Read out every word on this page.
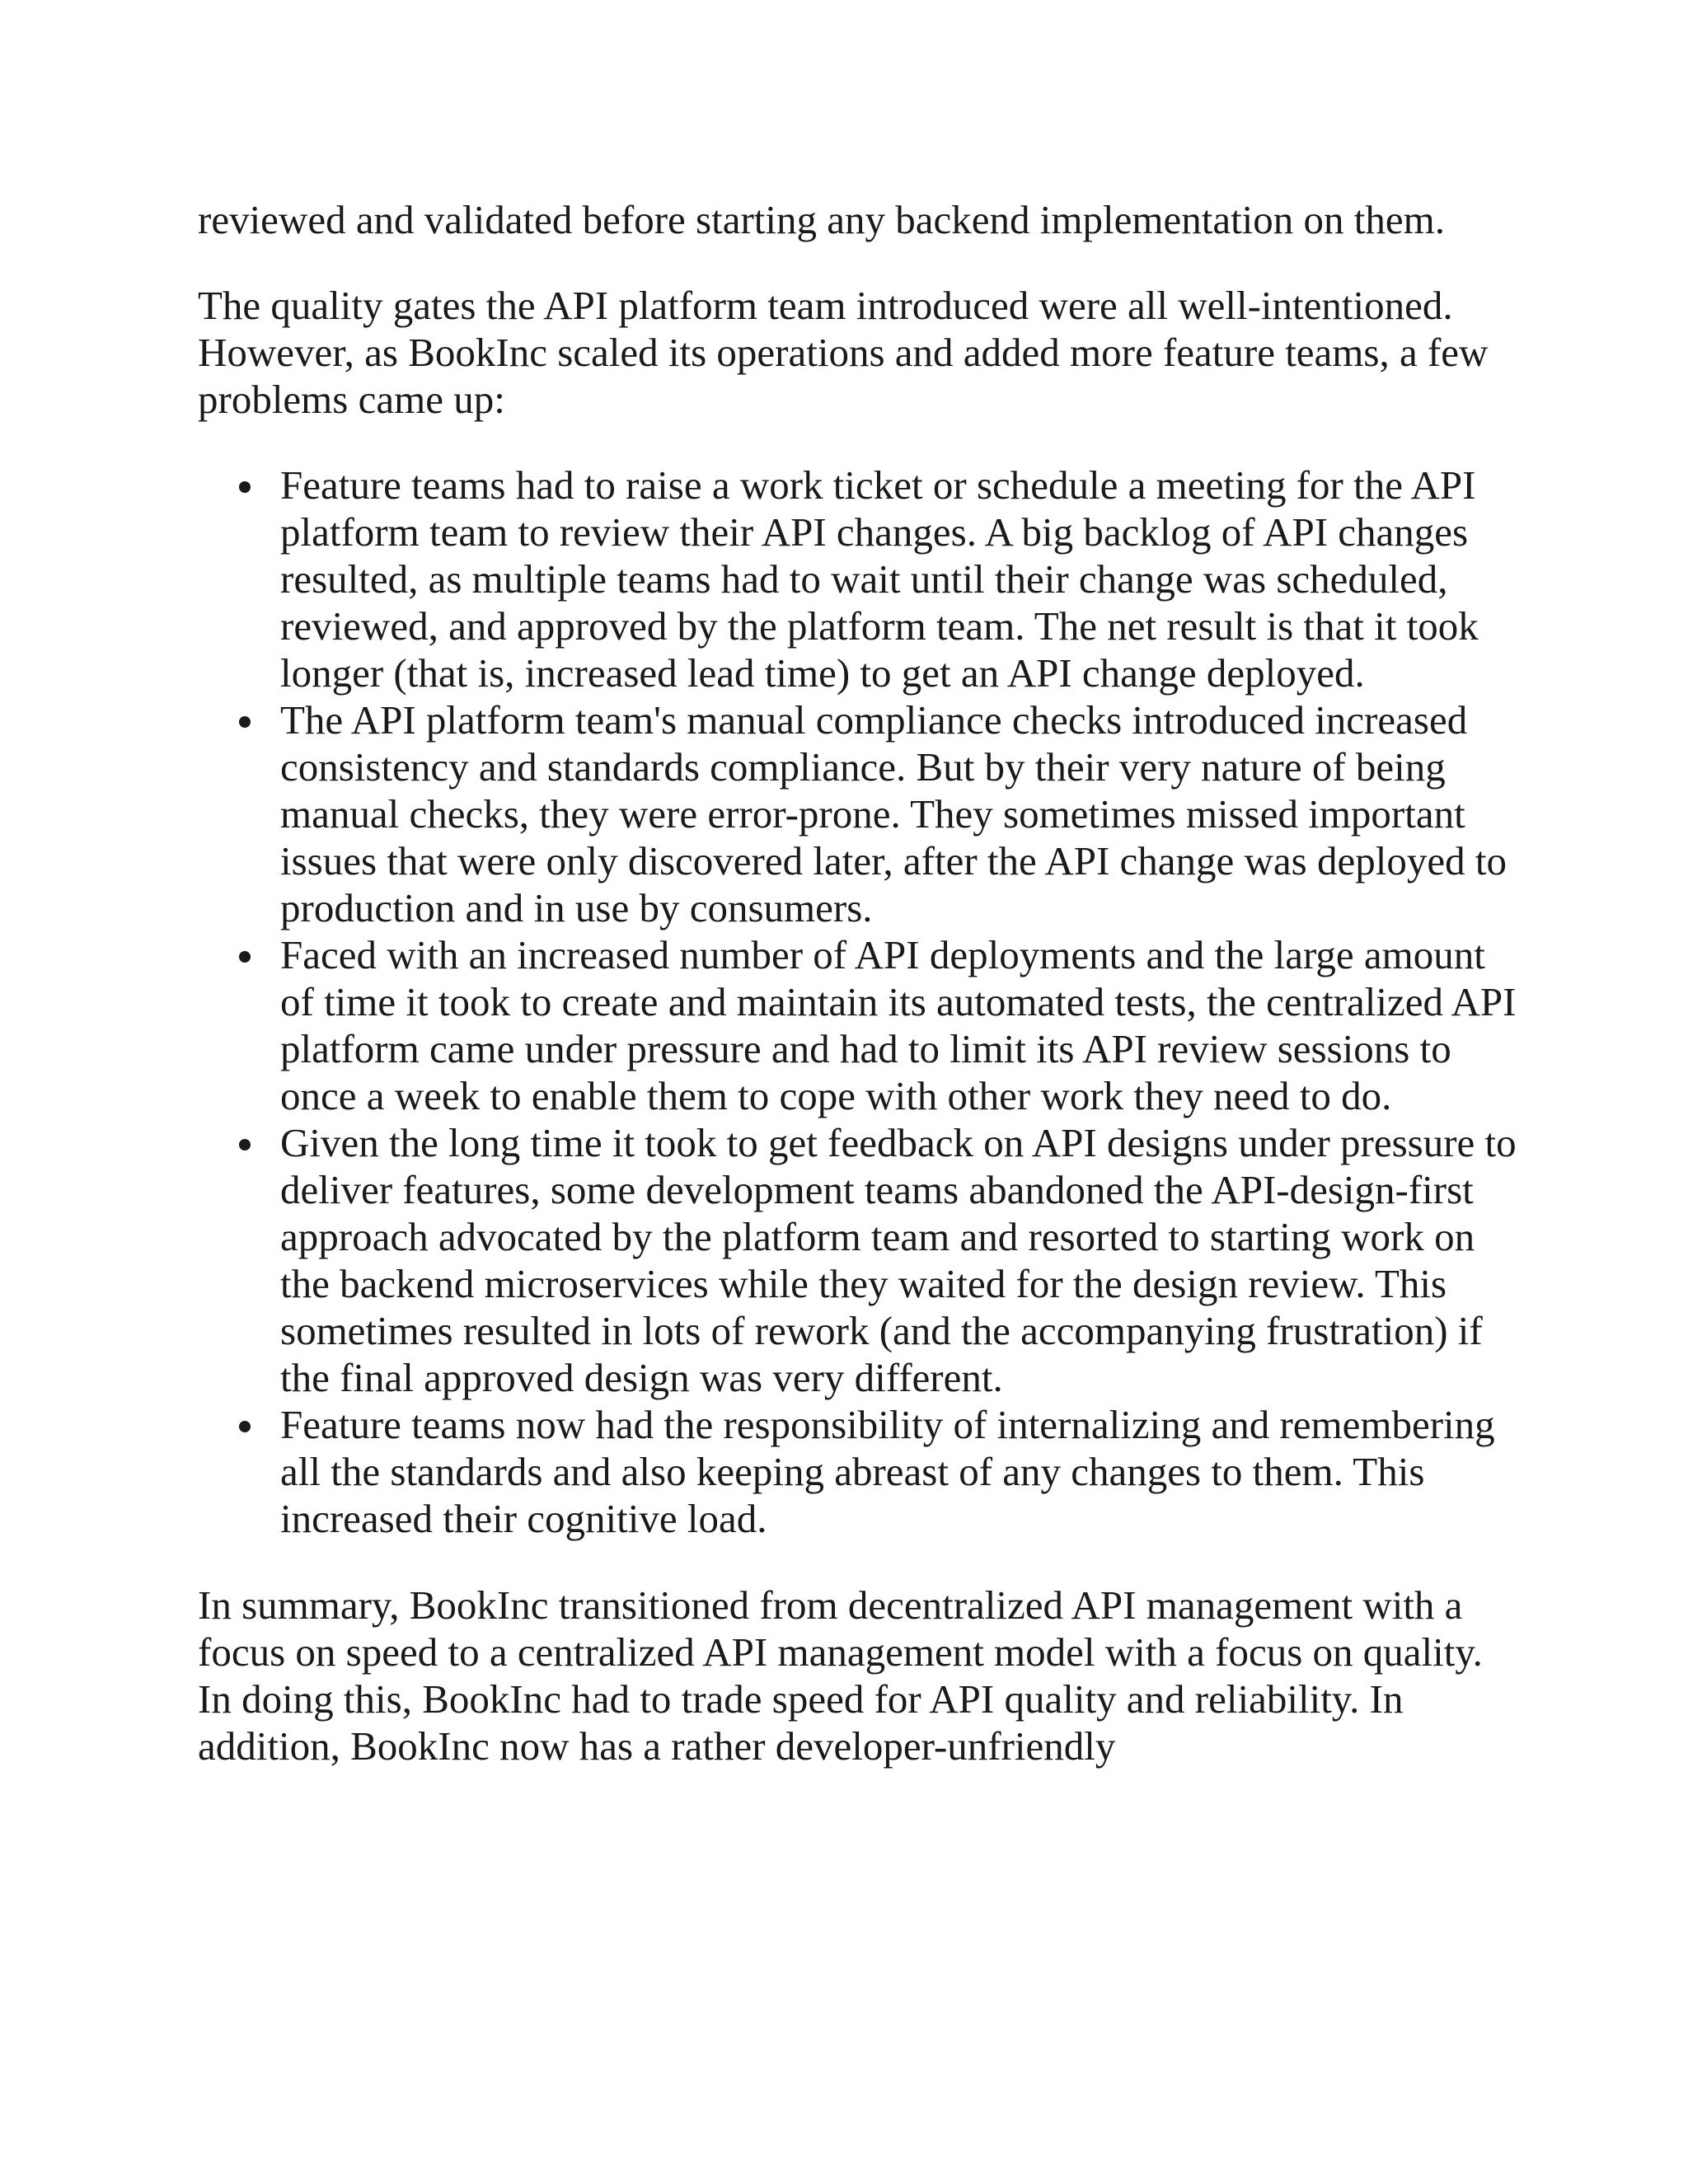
reviewed and validated before starting any backend implementation on them.

The quality gates the API platform team introduced were all well-intentioned. However, as BookInc scaled its operations and added more feature teams, a few problems came up:

Feature teams had to raise a work ticket or schedule a meeting for the API platform team to review their API changes. A big backlog of API changes resulted, as multiple teams had to wait until their change was scheduled, reviewed, and approved by the platform team. The net result is that it took longer (that is, increased lead time) to get an API change deployed.
The API platform team's manual compliance checks introduced increased consistency and standards compliance. But by their very nature of being manual checks, they were error-prone. They sometimes missed important issues that were only discovered later, after the API change was deployed to production and in use by consumers.
Faced with an increased number of API deployments and the large amount of time it took to create and maintain its automated tests, the centralized API platform came under pressure and had to limit its API review sessions to once a week to enable them to cope with other work they need to do.
Given the long time it took to get feedback on API designs under pressure to deliver features, some development teams abandoned the API-design-first approach advocated by the platform team and resorted to starting work on the backend microservices while they waited for the design review. This sometimes resulted in lots of rework (and the accompanying frustration) if the final approved design was very different.
Feature teams now had the responsibility of internalizing and remembering all the standards and also keeping abreast of any changes to them. This increased their cognitive load.

In summary, BookInc transitioned from decentralized API management with a focus on speed to a centralized API management model with a focus on quality. In doing this, BookInc had to trade speed for API quality and reliability. In addition, BookInc now has a rather developer-unfriendly
